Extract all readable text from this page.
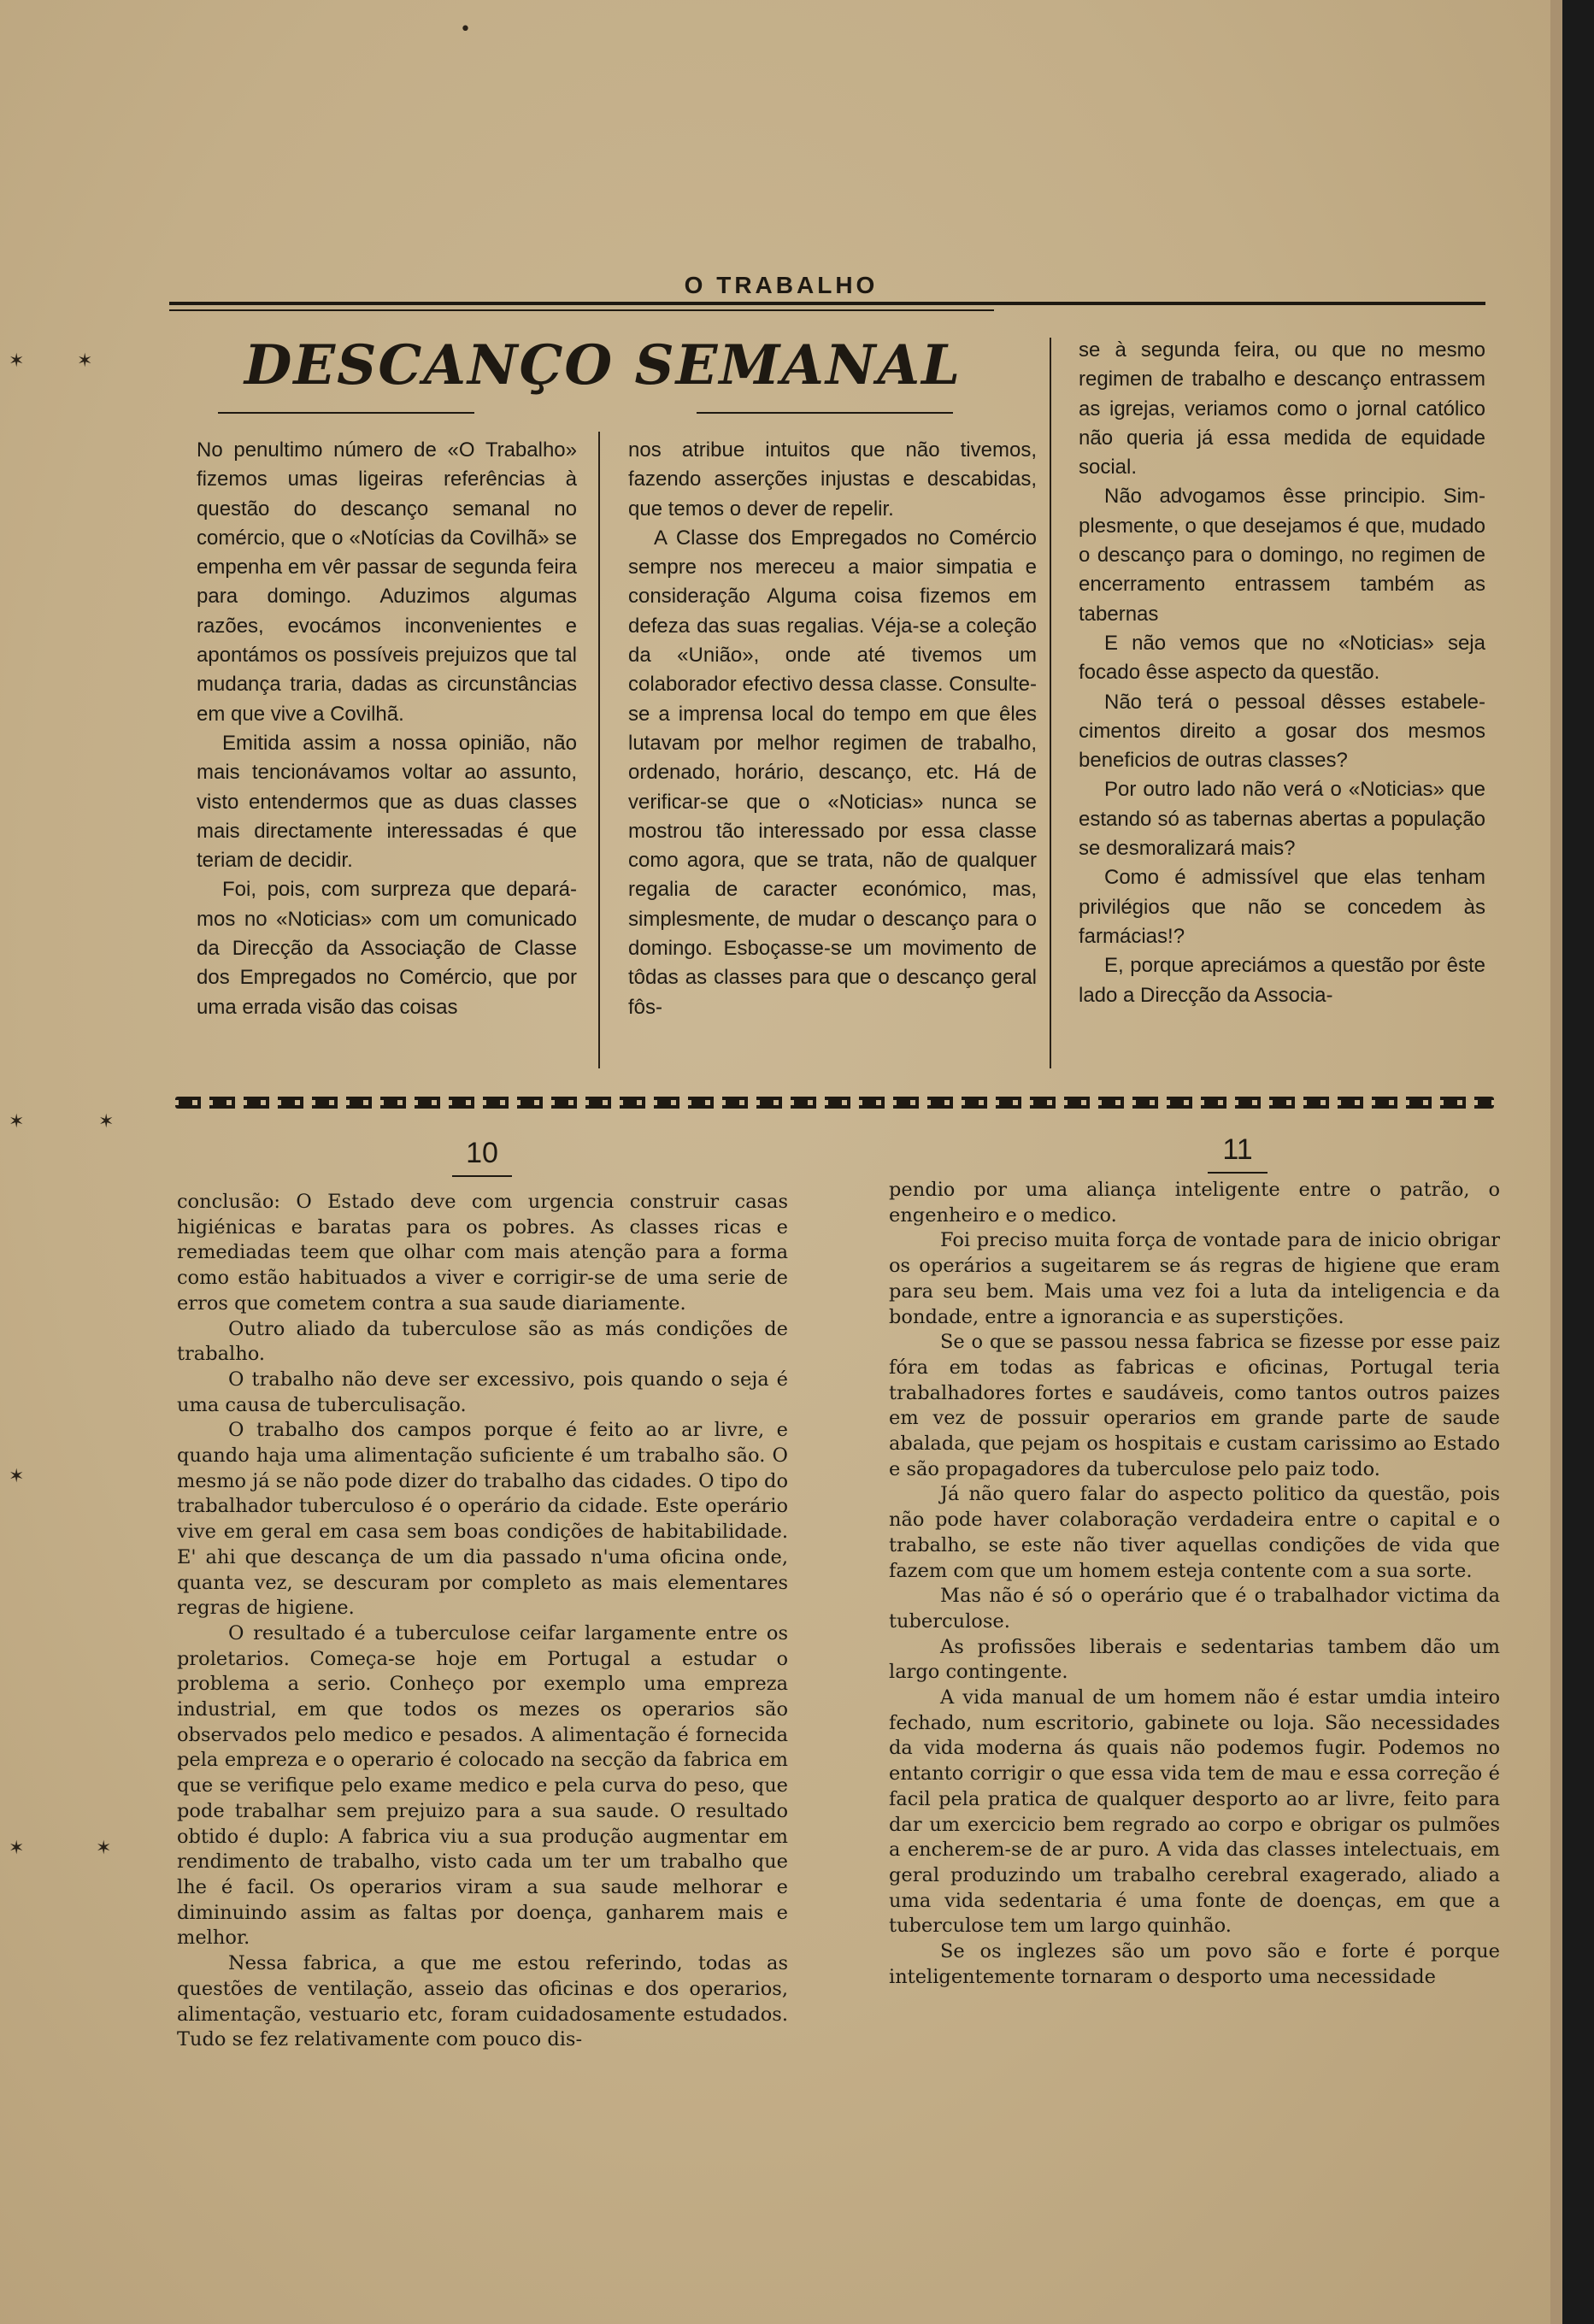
•
O TRABALHO
DESCANÇO SEMANAL

No penultimo número de «O Trabalho» fizemos umas ligeiras referências à questão do descanço semanal no comércio, que o «Notícias da Covilhã» se empenha em vêr passar de segunda feira para domingo. Aduzimos algumas razões, evocámos inconvenientes e apontámos os possíveis prejuizos que tal mudança traria, dadas as circunstâncias em que vive a Covilhã.

Emitida assim a nossa opinião, não mais tencionávamos voltar ao assunto, visto entendermos que as duas classes mais directamente interessadas é que teriam de decidir.

Foi, pois, com surpreza que deparámos no «Noticias» com um comunicado da Direcção da Associação de Classe dos Empregados no Comércio, que por uma errada visão das coisas

nos atribue intuitos que não tivemos, fazendo asserções injustas e descabidas, que temos o dever de repelir.

A Classe dos Empregados no Comércio sempre nos mereceu a maior simpatia e consideração Alguma coisa fizemos em defeza das suas regalias. Véja-se a coleção da «União», onde até tivemos um colaborador efectivo dessa classe. Consulte-se a imprensa local do tempo em que êles lutavam por melhor regimen de trabalho, ordenado, horário, descanço, etc. Há de verificar-se que o «Noticias» nunca se mostrou tão interessado por essa classe como agora, que se trata, não de qualquer regalia de caracter económico, mas, simplesmente, de mudar o descanço para o domingo. Esboçasse-se um movimento de tôdas as classes para que o descanço geral fôs-

se à segunda feira, ou que no mesmo regimen de trabalho e descanço entrassem as igrejas, veriamos como o jornal católico não queria já essa medida de equidade social.

Não advogamos êsse principio. Simplesmente, o que desejamos é que, mudado o descanço para o domingo, no regimen de encerramento entrassem também as tabernas

E não vemos que no «Noticias» seja focado êsse aspecto da questão.

Não terá o pessoal dêsses estabelecimentos direito a gosar dos mesmos beneficios de outras classes?

Por outro lado não verá o «Noticias» que estando só as tabernas abertas a população se desmoralizará mais?

Como é admissível que elas tenham privilégios que não se concedem às farmácias!?

E, porque apreciámos a questão por êste lado a Direcção da Associa-

10	11

conclusão: O Estado deve com urgencia construir casas higiénicas e baratas para os pobres. As classes ricas e remediadas teem que olhar com mais atenção para a forma como estão habituados a viver e corrigir-se de uma serie de erros que cometem contra a sua saude diariamente.

Outro aliado da tuberculose são as más condições de trabalho.

O trabalho não deve ser excessivo, pois quando o seja é uma causa de tuberculisação.

O trabalho dos campos porque é feito ao ar livre, e quando haja uma alimentação suficiente é um trabalho são. O mesmo já se não pode dizer do trabalho das cidades. O tipo do trabalhador tuberculoso é o operário da cidade. Este operário vive em geral em casa sem boas condições de habitabilidade. E' ahi que descança de um dia passado n'uma oficina onde, quanta vez, se descuram por completo as mais elementares regras de higiene.

O resultado é a tuberculose ceifar largamente entre os proletarios. Começa-se hoje em Portugal a estudar o problema a serio. Conheço por exemplo uma empreza industrial, em que todos os mezes os operarios são observados pelo medico e pesados. A alimentação é fornecida pela empreza e o operario é colocado na secção da fabrica em que se verifique pelo exame medico e pela curva do peso, que pode trabalhar sem prejuizo para a sua saude. O resultado obtido é duplo: A fabrica viu a sua produção augmentar em rendimento de trabalho, visto cada um ter um trabalho que lhe é facil. Os operarios viram a sua saude melhorar e diminuindo assim as faltas por doença, ganharem mais e melhor.

Nessa fabrica, a que me estou referindo, todas as questões de ventilação, asseio das oficinas e dos operarios, alimentação, vestuario etc, foram cuidadosamente estudados. Tudo se fez relativamente com pouco dis-

pendio por uma aliança inteligente entre o patrão, o engenheiro e o medico.

Foi preciso muita força de vontade para de inicio obrigar os operários a sugeitarem se ás regras de higiene que eram para seu bem. Mais uma vez foi a luta da inteligencia e da bondade, entre a ignorancia e as superstições.

Se o que se passou nessa fabrica se fizesse por esse paiz fóra em todas as fabricas e oficinas, Portugal teria trabalhadores fortes e saudáveis, como tantos outros paizes em vez de possuir operarios em grande parte de saude abalada, que pejam os hospitais e custam carissimo ao Estado e são propagadores da tuberculose pelo paiz todo.

Já não quero falar do aspecto politico da questão, pois não pode haver colaboração verdadeira entre o capital e o trabalho, se este não tiver aquellas condições de vida que fazem com que um homem esteja contente com a sua sorte.

Mas não é só o operário que é o trabalhador victima da tuberculose.

As profissões liberais e sedentarias tambem dão um largo contingente.

A vida manual de um homem não é estar umdia inteiro fechado, num escritorio, gabinete ou loja. São necessidades da vida moderna ás quais não podemos fugir. Podemos no entanto corrigir o que essa vida tem de mau e essa correção é facil pela pratica de qualquer desporto ao ar livre, feito para dar um exercicio bem regrado ao corpo e obrigar os pulmões a encherem-se de ar puro. A vida das classes intelectuais, em geral produzindo um trabalho cerebral exagerado, aliado a uma vida sedentaria é uma fonte de doenças, em que a tuberculose tem um largo quinhão.

Se os inglezes são um povo são e forte é porque inteligentemente tornaram o desporto uma necessidade

✶	✶
✶	✶
✶
✶	✶
